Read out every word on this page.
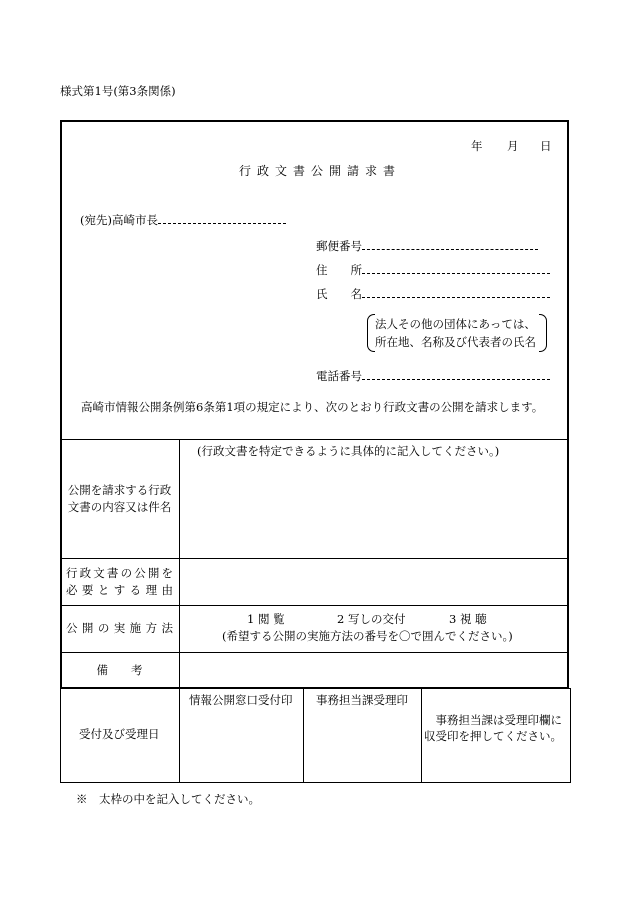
様式第1号(第3条関係)
年 月 日
行政文書公開請求書
(宛先)高崎市長
郵便番号
住 所
氏 名
法人その他の団体にあっては、
所在地、名称及び代表者の氏名
電話番号
高崎市情報公開条例第6条第1項の規定により、次のとおり行政文書の公開を請求します。
公開を請求する行政
文書の内容又は件名
(行政文書を特定できるように具体的に記入してください。)
行政文書の公開を
必要とする理由
公開の実施方法
1 閲 覧	2 写しの交付	3 視 聴
(希望する公開の実施方法の番号を〇で囲んでください。)
備　　考
受付及び受理日
情報公開窓口受付印 事務担当課受理印
事務担当課は受理印欄に収受印を押してください。
※　太枠の中を記入してください。
